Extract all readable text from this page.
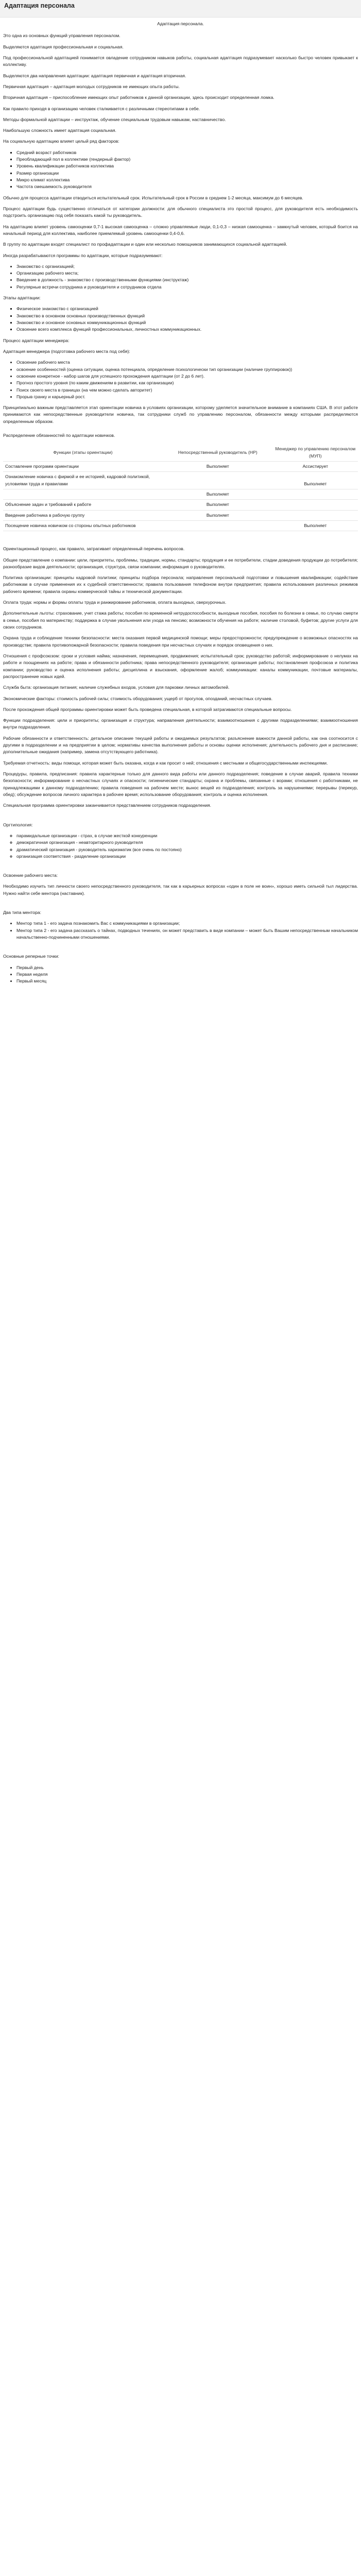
Адаптация персонала
Адаптация персонала.

Это одна из основных функций управления персоналом.

Выделяются адаптация профессиональная и социальная.

Под профессиональной адаптацией понимается овладение сотрудником навыков работы, социальная адаптация подразумевает насколько быстро человек привыкает к коллективу.

Выделяются два направления адаптации: адаптация первичная и адаптация вторичная.

Первичная адаптация – адаптация молодых сотрудников не имеющих опыта работы.

Вторичная адаптация – приспособление имеющих опыт работников к данной организации, здесь происходит определенная ломка.

Как правило приходя в организацию человек сталкивается с различными стереотипами в себе.

Методы формальной адаптации – инструктаж, обучение специальным трудовым навыкам, наставничество.

Наибольшую сложность имеет адаптация социальная.

На социальную адаптацию влияет целый ряд факторов:

▪ Средний возраст работников
▪ Преобладающий пол в коллективе (гендерный фактор)
▪ Уровень квалификации работников коллектива
▪ Размер организации
▪ Микро климат коллектива
▪ Частота смешаемость руководителя

Обычно для процесса адаптации отводиться испытательный срок. Испытательный срок в России в среднем 1-2 месяца, максимум до 6 месяцев.

Процесс адаптации будь существенно отличаться от категории должности: для обычного специалиста это простой процесс, для руководителя есть необходимость подстроить организацию под себя показать какой ты руководитель.

На адаптацию влияет уровень самооценки 0,7-1 высокая самооценка – сложно управляемые люди, 0,1-0,3 – низкая самооценка – замкнутый человек, который боится на начальный период для коллектива, наиболее приемлемый уровень самооценки 0,4-0,6.

В группу по адаптации входят специалист по профадаптации и один или несколько помощников занимающихся социальной адаптацией.

Иногда разрабатываются программы по адаптации, которые подразумевают:

• Знакомство с организацией;
• Организацию рабочего места;
• Введение в должность - знакомство с производственными функциями (инструктаж)
• Регулярные встречи сотрудника и руководителя и сотрудников отдела

Этапы адаптации:

▪ Физическое знакомство с организацией
▪ Знакомство в основном основных производственных функций
▪ Знакомство и основное основных коммуникационных функций
▪ Освоение всего комплекса функций профессиональных, личностных коммуникационных.

Процесс адаптации менеджера:

Адаптация менеджера (подготовка рабочего места под себя):

• Освоение рабочего места
• освоение особенностей (оценка ситуации, оценка потенциала, определение психологически тип организации (наличие группировок))
• освоение конкретное - набор шагов для успешного прохождения адаптации (от 2 до 6 лет).
• Прогноз простого уровня (по каким движениям в развитии, как организации)
• Поиск своего места в границах (на чем можно сделать авторитет)
• Прорыв гранку и карьерный рост.

Принципиально важным представляется этап ориентации новичка в условиях организации, которому уделяется значительное внимание в компаниях США. В этот работе принимаются как непосредственные руководители новичка, так сотрудники служб по управлению персоналом, обязанности между которыми распределяются определенным образом.

Распределение обязанностей по адаптации новичков.

Функции (этапы ориентации)	Непосредственный руководитель (НР)	Менеджер по управлению персоналом (МУП)
Составление программ ориентации	Выполняет	Ассистирует
Ознакомление новичка с фирмой и ее историей, кадровой политикой, условиями труда и правилами		Выполняет
	Выполняет	
Объяснение задач и требований к работе	Выполняет	
Введение работника в рабочую группу	Выполняет	
Посещение новичка новичком со стороны опытных работников		Выполняет

Ориентационный процесс, как правило, затрагивает определенный перечень вопросов.

Общее представление о компании: цели, приоритеты, проблемы, традиции, нормы, стандарты; продукция и ее потребители, стадии доведения продукции до потребителя; разнообразие видов деятельности; организация, структура, связи компании; информация о руководителях.

Политика организации: принципы кадровой политики; принципы подбора персонала; направления персональной подготовки и повышения квалификации; содействие работникам в случае применения их к судебной ответственности; правила пользования телефоном внутри предприятия; правила использования различных режимов рабочего времени; правила охраны коммерческой тайны и технической документации.

Оплата труда: нормы и формы оплаты труда и ранжирование работников, оплата выходных, сверхурочных.

Дополнительные льготы: страхование, учет стажа работы; пособия по временной нетрудоспособности, выходные пособия, пособия по болезни в семье, по случаю смерти в семье, пособия по материнству; поддержка в случае увольнения или ухода на пенсию; возможности обучения на работе; наличие столовой, буфетов; другие услуги для своих сотрудников.

Охрана труда и соблюдение техники безопасности: места оказания первой медицинской помощи; меры предосторожности; предупреждение о возможных опасностях на производстве; правила противопожарной безопасности; правила поведения при несчастных случаях и порядок оповещения о них.

Отношения с профсоюзом: сроки и условия найма; назначения, перемещения, продвижения; испытательный срок; руководство работой; информирование о нелумах на работе и поощрениях на работе; права и обязанности работника; права непосредственного руководителя; организация работы; постановления профсоюза и политика компании; руководство и оценка исполнения работы; дисциплина и взыскания, оформление жалоб; коммуникации: каналы коммуникации, почтовые материалы, распространение новых идей.

Служба быта: организация питания; наличие служебных входов, условия для парковки личных автомобилей.

Экономические факторы: стоимость рабочей силы; стоимость оборудования; ущерб от прогулов, опозданий, несчастных случаев.

После прохождения общей программы ориентировки может быть проведена специальная, в которой затрагиваются специальные вопросы.

Функции подразделения: цели и приоритеты; организация и структура; направления деятельности; взаимоотношения с другими подразделениями; взаимоотношения внутри подразделения.

Рабочие обязанности и ответственность: детальное описание текущей работы и ожидаемых результатов; разъяснение важности данной работы, как она соотносится с другими в подразделении и на предприятии в целом; нормативы качества выполнения работы и основы оценки исполнения; длительность рабочего дня и расписание; дополнительные ожидания (например, замена отсутствующего работника).

Требуемая отчетность: виды помощи, которая может быть оказана, когда и как просит о ней; отношения с местными и общегосударственными инспекциями.

Процедуры, правила, предписания: правила характерные только для данного вида работы или данного подразделения; поведение в случае аварий, правила техники безопасности; информирование о несчастных случаях и опасности; гигиенические стандарты; охрана и проблемы, связанные с ворами; отношения с работниками, не принадлежащими к данному подразделению; правила поведения на рабочем месте; вынос вещей из подразделения; контроль за нарушениями; перерывы (перекур, обед); обсуждение вопросов личного характера в рабочее время; использование оборудования; контроль и оценка исполнения.

Специальная программа ориентировки заканчивается представлением сотрудников подразделения.

Оргтипология:

◦ парамидальные организации - страх, в случае жесткой конкуренции
◦ демократичная организация - неавторитарного руководителя
◦ драматический организация - руководитель харизматик (все очень по постояно)
◦ организация соответствия - разделение организации

Освоение рабочего места:

Необходимо изучить тип личности своего непосредственного руководителя, так как в карьерных вопросах «один в поле не воин», хорошо иметь сильной тыл лидерства. Нужно найти себе ментора (наставник).

Два типа ментора:

• Ментор типа 1 - его задача познакомить Вас с коммуникациями в организации;
• Ментор типа 2 - его задача рассказать о тайнах, подводных течениях, он может представить в виде компании – может быть Вашим непосредственным начальником начальственно-подчиненными отношениями.

Основные реперные точки:

• Первый день
• Первая неделя
• Первый месяц
